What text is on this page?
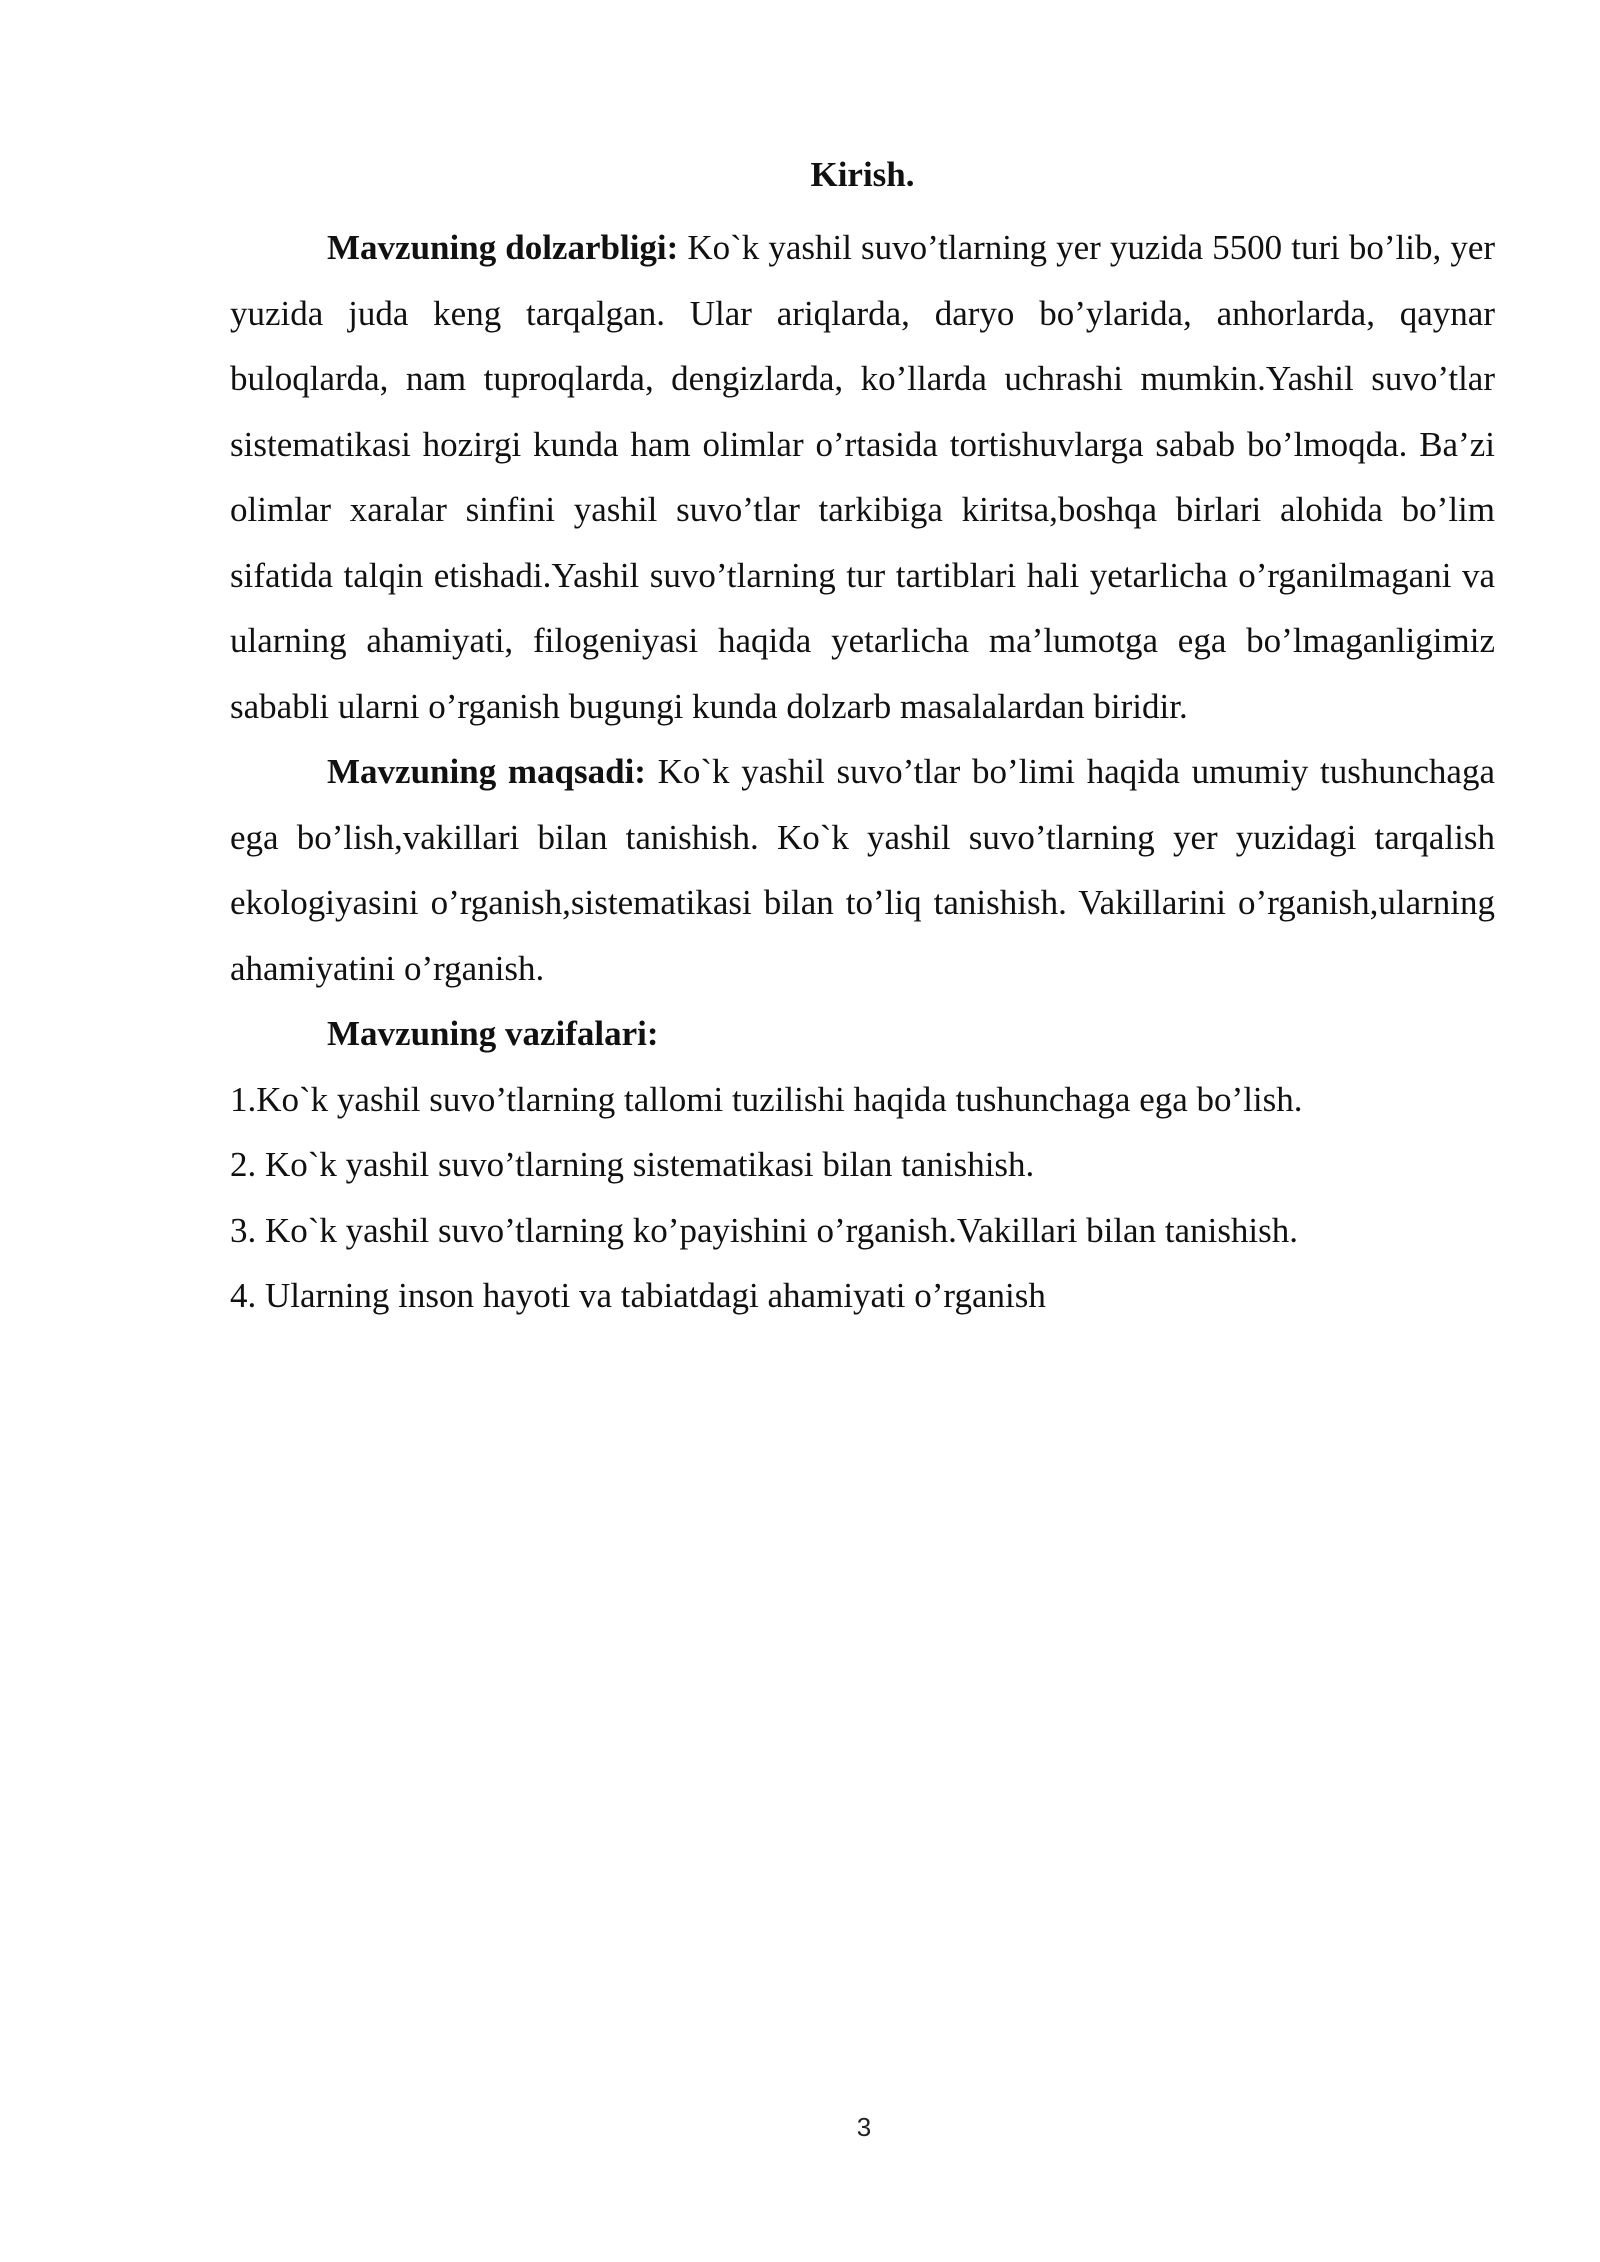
Kirish.

Mavzuning dolzarbligi: Ko`k yashil suvo’tlarning yer yuzida 5500 turi bo’lib, yer yuzida juda keng tarqalgan. Ular ariqlarda, daryo bo’ylarida, anhorlarda, qaynar buloqlarda, nam tuproqlarda, dengizlarda, ko’llarda uchrashi mumkin.Yashil suvo’tlar sistematikasi hozirgi kunda ham olimlar o’rtasida tortishuvlarga sabab bo’lmoqda. Ba’zi olimlar xaralar sinfini yashil suvo’tlar tarkibiga kiritsa,boshqa birlari alohida bo’lim sifatida talqin etishadi.Yashil suvo’tlarning tur tartiblari hali yetarlicha o’rganilmagani va ularning ahamiyati, filogeniyasi haqida yetarlicha ma’lumotga ega bo’lmaganligimiz sababli ularni o’rganish bugungi kunda dolzarb masalalardan biridir.

Mavzuning maqsadi: Ko`k yashil suvo’tlar bo’limi haqida umumiy tushunchaga ega bo’lish,vakillari bilan tanishish. Ko`k yashil suvo’tlarning yer yuzidagi tarqalish ekologiyasini o’rganish,sistematikasi bilan to’liq tanishish. Vakillarini o’rganish,ularning ahamiyatini o’rganish.

Mavzuning vazifalari:

1.Ko`k yashil suvo’tlarning tallomi tuzilishi haqida tushunchaga ega bo’lish.
2. Ko`k yashil suvo’tlarning sistematikasi bilan tanishish.
3. Ko`k yashil suvo’tlarning ko’payishini o’rganish.Vakillari bilan tanishish.
4. Ularning inson hayoti va tabiatdagi ahamiyati o’rganish
3
